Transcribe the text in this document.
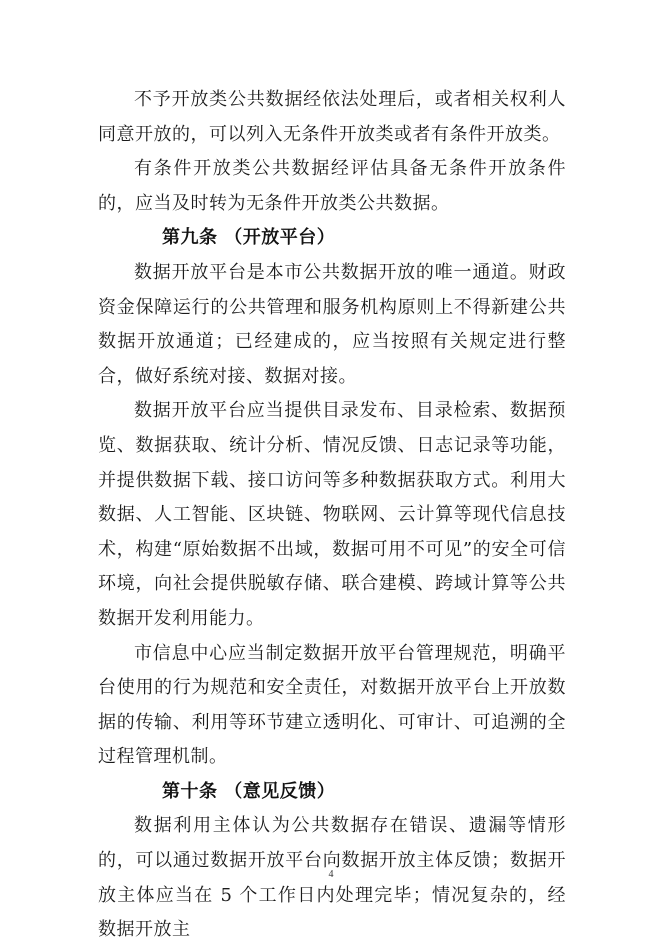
不予开放类公共数据经依法处理后，或者相关权利人同意开放的，可以列入无条件开放类或者有条件开放类。

有条件开放类公共数据经评估具备无条件开放条件的，应当及时转为无条件开放类公共数据。

第九条 （开放平台）

数据开放平台是本市公共数据开放的唯一通道。财政资金保障运行的公共管理和服务机构原则上不得新建公共数据开放通道；已经建成的，应当按照有关规定进行整合，做好系统对接、数据对接。

数据开放平台应当提供目录发布、目录检索、数据预览、数据获取、统计分析、情况反馈、日志记录等功能，并提供数据下载、接口访问等多种数据获取方式。利用大数据、人工智能、区块链、物联网、云计算等现代信息技术，构建“原始数据不出域，数据可用不可见”的安全可信环境，向社会提供脱敏存储、联合建模、跨域计算等公共数据开发利用能力。

市信息中心应当制定数据开放平台管理规范，明确平台使用的行为规范和安全责任，对数据开放平台上开放数据的传输、利用等环节建立透明化、可审计、可追溯的全过程管理机制。

第十条 （意见反馈）

数据利用主体认为公共数据存在错误、遗漏等情形的，可以通过数据开放平台向数据开放主体反馈；数据开放主体应当在 5 个工作日内处理完毕；情况复杂的，经数据开放主

4
